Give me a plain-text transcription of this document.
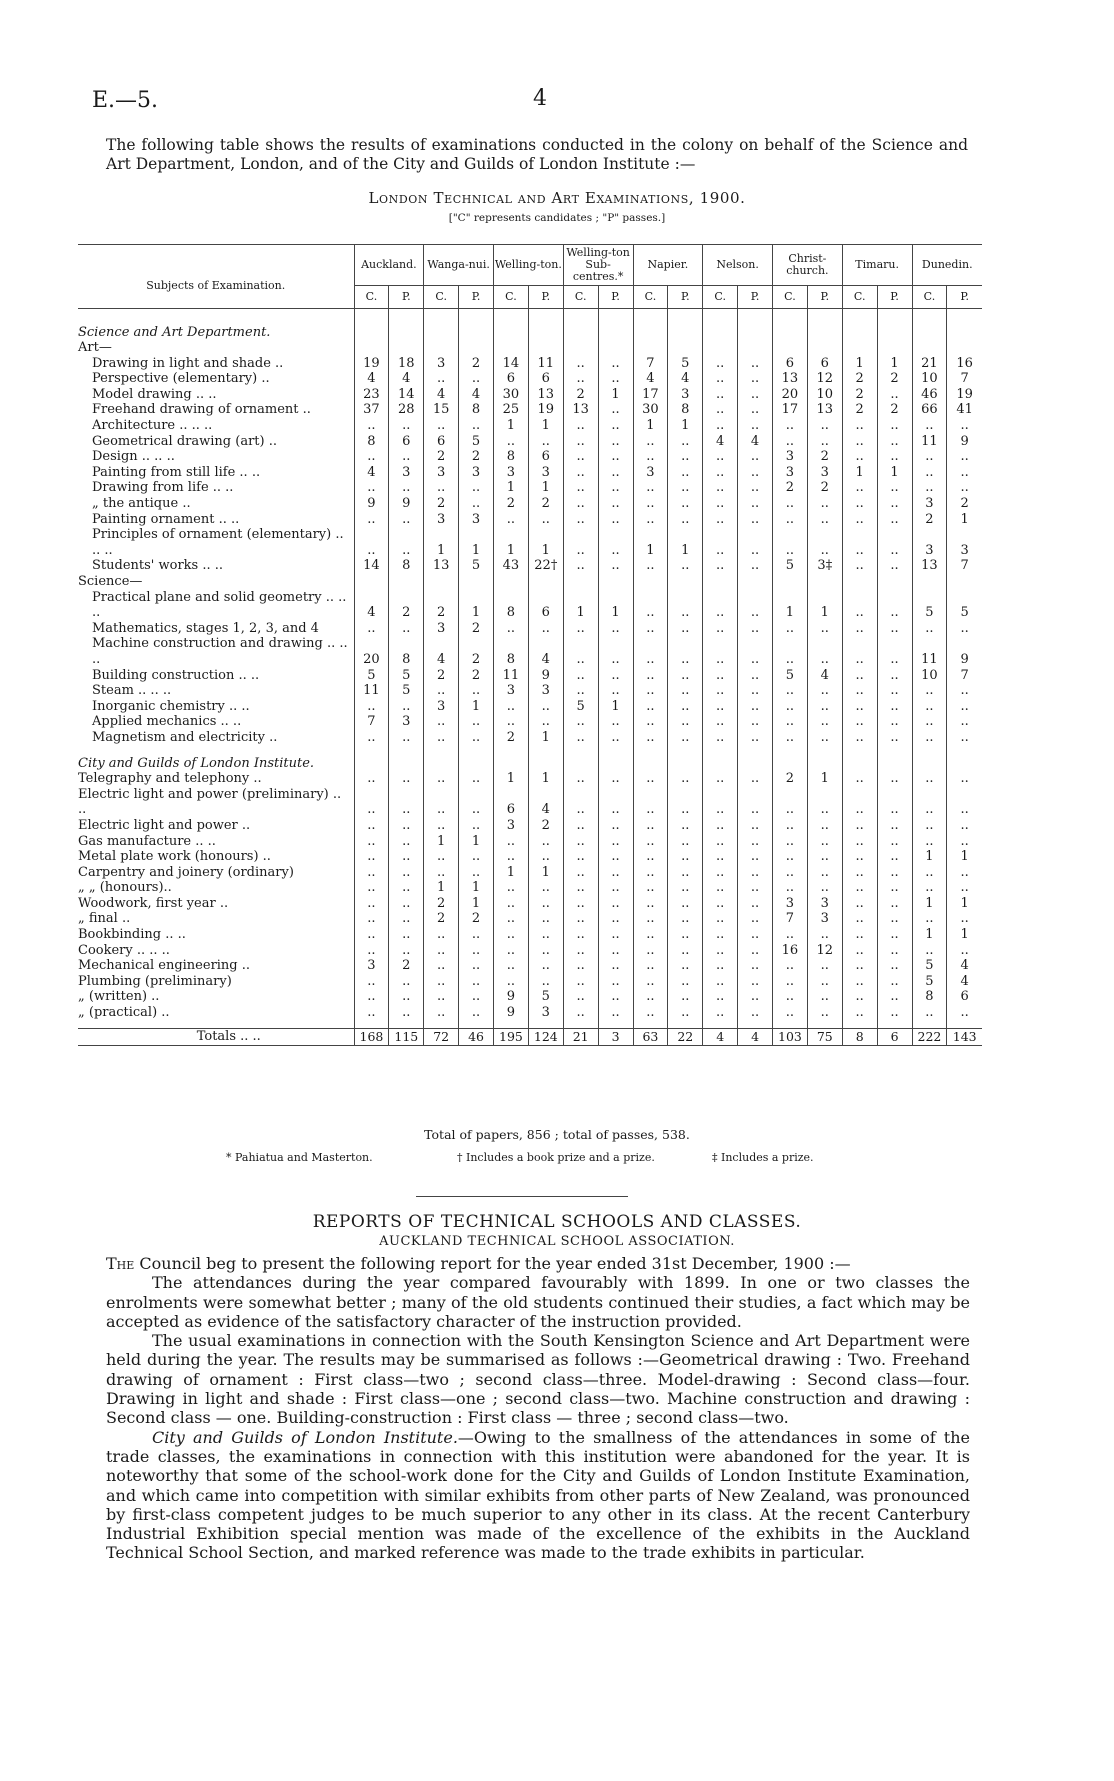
E.—5.	4
The following table shows the results of examinations conducted in the colony on behalf of the Science and Art Department, London, and of the City and Guilds of London Institute :—
London Technical and Art Examinations, 1900.
["C" represents candidates ; "P" passes.]
Subjects of Examination.	Auckland.		Wanga-nui.		Welling-ton.		Welling-ton Sub-centres.*		Napier.		Nelson.		Christ-church.		Timaru.		Dunedin.	
	C.	P.	C.	P.	C.	P.	C.	P.	C.	P.	C.	P.	C.	P.	C.	P.	C.	P.

Science and Art Department.																		
Art—																		

Drawing in light and shade ..	19	18	3	2	14	11	..	..	7	5	..	..	6	6	1	1	21	16

Perspective (elementary) ..	4	4	..	..	6	6	..	..	4	4	..	..	13	12	2	2	10	7

Model drawing .. ..	23	14	4	4	30	13	2	1	17	3	..	..	20	10	2	..	46	19

Freehand drawing of ornament ..	37	28	15	8	25	19	13	..	30	8	..	..	17	13	2	2	66	41

Architecture .. .. ..	..	..	..	..	1	1	..	..	1	1	..	..	..	..	..	..	..	..

Geometrical drawing (art) ..	8	6	6	5	..	..	..	..	..	..	4	4	..	..	..	..	11	9

Design .. .. ..	..	..	2	2	8	6	..	..	..	..	..	..	3	2	..	..	..	..

Painting from still life .. ..	4	3	3	3	3	3	..	..	3	..	..	..	3	3	1	1	..	..

Drawing from life .. ..	..	..	..	..	1	1	..	..	..	..	..	..	2	2	..	..	..	..

„ the antique ..	9	9	2	..	2	2	..	..	..	..	..	..	..	..	..	..	3	2

Painting ornament .. ..	..	..	3	3	..	..	..	..	..	..	..	..	..	..	..	..	2	1

Principles of ornament (elementary) .. .. ..	..	..	1	1	1	1	..	..	1	1	..	..	..	..	..	..	3	3

Students' works .. ..	14	8	13	5	43	22†	..	..	..	..	..	..	5	3‡	..	..	13	7
Science—																		

Practical plane and solid geometry .. .. ..	4	2	2	1	8	6	1	1	..	..	..	..	1	1	..	..	5	5

Mathematics, stages 1, 2, 3, and 4	..	..	3	2	..	..	..	..	..	..	..	..	..	..	..	..	..	..

Machine construction and drawing .. .. ..	20	8	4	2	8	4	..	..	..	..	..	..	..	..	..	..	11	9

Building construction .. ..	5	5	2	2	11	9	..	..	..	..	..	..	5	4	..	..	10	7

Steam .. .. ..	11	5	..	..	3	3	..	..	..	..	..	..	..	..	..	..	..	..

Inorganic chemistry .. ..	..	..	3	1	..	..	5	1	..	..	..	..	..	..	..	..	..	..

Applied mechanics .. ..	7	3	..	..	..	..	..	..	..	..	..	..	..	..	..	..	..	..

Magnetism and electricity ..	..	..	..	..	2	1	..	..	..	..	..	..	..	..	..	..	..	..

City and Guilds of London Institute.																		
Telegraphy and telephony ..	..	..	..	..	1	1	..	..	..	..	..	..	2	1	..	..	..	..
Electric light and power (preliminary) .. ..	..	..	..	..	6	4	..	..	..	..	..	..	..	..	..	..	..	..
Electric light and power ..	..	..	..	..	3	2	..	..	..	..	..	..	..	..	..	..	..	..
Gas manufacture .. ..	..	..	1	1	..	..	..	..	..	..	..	..	..	..	..	..	..	..
Metal plate work (honours) ..	..	..	..	..	..	..	..	..	..	..	..	..	..	..	..	..	1	1
Carpentry and joinery (ordinary)	..	..	..	..	1	1	..	..	..	..	..	..	..	..	..	..	..	..
„ „ (honours)..	..	..	1	1	..	..	..	..	..	..	..	..	..	..	..	..	..	..
Woodwork, first year ..	..	..	2	1	..	..	..	..	..	..	..	..	3	3	..	..	1	1
„ final ..	..	..	2	2	..	..	..	..	..	..	..	..	7	3	..	..	..	..
Bookbinding .. ..	..	..	..	..	..	..	..	..	..	..	..	..	..	..	..	..	1	1
Cookery .. .. ..	..	..	..	..	..	..	..	..	..	..	..	..	16	12	..	..	..	..
Mechanical engineering ..	3	2	..	..	..	..	..	..	..	..	..	..	..	..	..	..	5	4
Plumbing (preliminary)	..	..	..	..	..	..	..	..	..	..	..	..	..	..	..	..	5	4
„ (written) ..	..	..	..	..	9	5	..	..	..	..	..	..	..	..	..	..	8	6
„ (practical) ..	..	..	..	..	9	3	..	..	..	..	..	..	..	..	..	..	..	..

Totals .. ..	168	115	72	46	195	124	21	3	63	22	4	4	103	75	8	6	222	143
Total of papers, 856 ; total of passes, 538.
* Pahiatua and Masterton.	† Includes a book prize and a prize.	‡ Includes a prize.
REPORTS OF TECHNICAL SCHOOLS AND CLASSES.
AUCKLAND TECHNICAL SCHOOL ASSOCIATION.

The Council beg to present the following report for the year ended 31st December, 1900 :—

The attendances during the year compared favourably with 1899. In one or two classes the enrolments were somewhat better ; many of the old students continued their studies, a fact which may be accepted as evidence of the satisfactory character of the instruction provided.

The usual examinations in connection with the South Kensington Science and Art Department were held during the year. The results may be summarised as follows :—Geometrical drawing : Two. Freehand drawing of ornament : First class—two ; second class—three. Model-drawing : Second class—four. Drawing in light and shade : First class—one ; second class—two. Machine construction and drawing : Second class — one. Building-construction : First class — three ; second class—two.

City and Guilds of London Institute.—Owing to the smallness of the attendances in some of the trade classes, the examinations in connection with this institution were abandoned for the year. It is noteworthy that some of the school-work done for the City and Guilds of London Institute Examination, and which came into competition with similar exhibits from other parts of New Zealand, was pronounced by first-class competent judges to be much superior to any other in its class. At the recent Canterbury Industrial Exhibition special mention was made of the excellence of the exhibits in the Auckland Technical School Section, and marked reference was made to the trade exhibits in particular.
